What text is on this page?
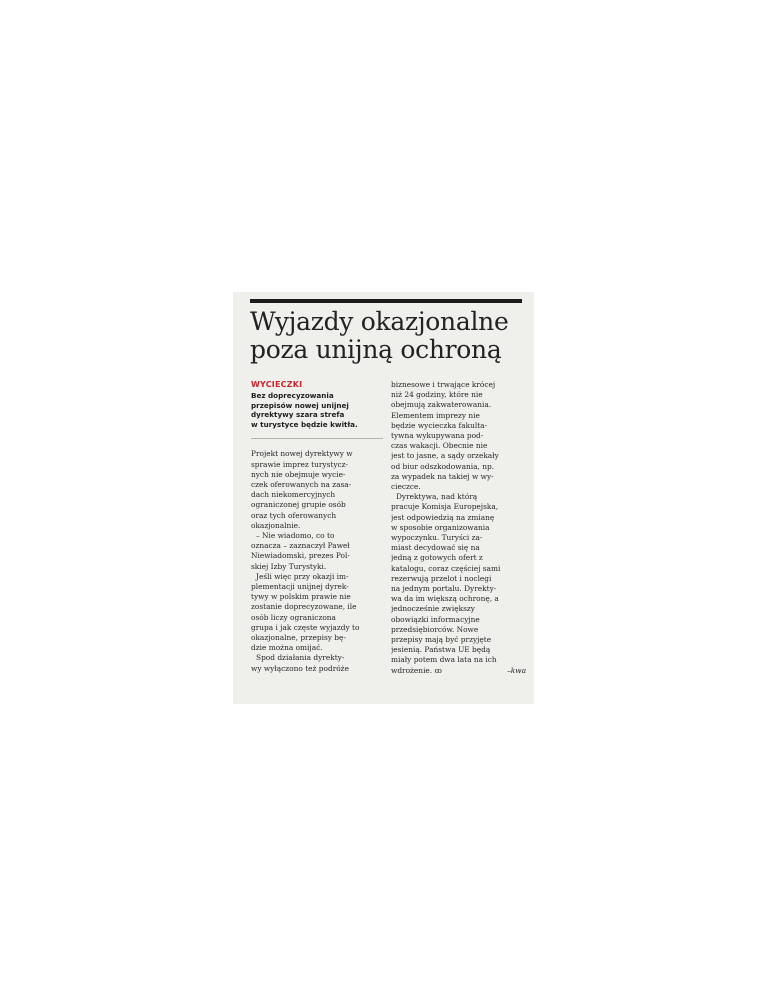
Wyjazdy okazjonalne
poza unijną ochroną

WYCIECZKI

Bez doprecyzowania
przepisów nowej unijnej
dyrektywy szara strefa
w turystyce będzie kwitła.

Projekt nowej dyrektywy w
sprawie imprez turystycz-
nych nie obejmuje wycie-
czek oferowanych na zasa-
dach niekomercyjnych
ograniczonej grupie osób
oraz tych oferowanych
okazjonalnie.
– Nie wiadomo, co to
oznacza – zaznaczył Paweł
Niewiadomski, prezes Pol-
skiej Izby Turystyki.
Jeśli więc przy okazji im-
plementacji unijnej dyrek-
tywy w polskim prawie nie
zostanie doprecyzowane, ile
osób liczy ograniczona
grupa i jak częste wyjazdy to
okazjonalne, przepisy bę-
dzie można omijać.
Spod działania dyrekty-
wy wyłączono też podróże

biznesowe i trwające krócej
niż 24 godziny, które nie
obejmują zakwaterowania.
Elementem imprezy nie
będzie wycieczka fakulta-
tywna wykupywana pod-
czas wakacji. Obecnie nie
jest to jasne, a sądy orzekały
od biur odszkodowania, np.
za wypadek na takiej w wy-
cieczce.
Dyrektywa, nad którą
pracuje Komisja Europejska,
jest odpowiedzią na zmianę
w sposobie organizowania
wypoczynku. Turyści za-
miast decydować się na
jedną z gotowych ofert z
katalogu, coraz częściej sami
rezerwują przelot i noclegi
na jednym portalu. Dyrekty-
wa da im większą ochronę, a
jednocześnie zwiększy
obowiązki informacyjne
przedsiębiorców. Nowe
przepisy mają być przyjęte
jesienią. Państwa UE będą
miały potem dwa lata na ich

wdrożenie. ꝏ	–kwa
